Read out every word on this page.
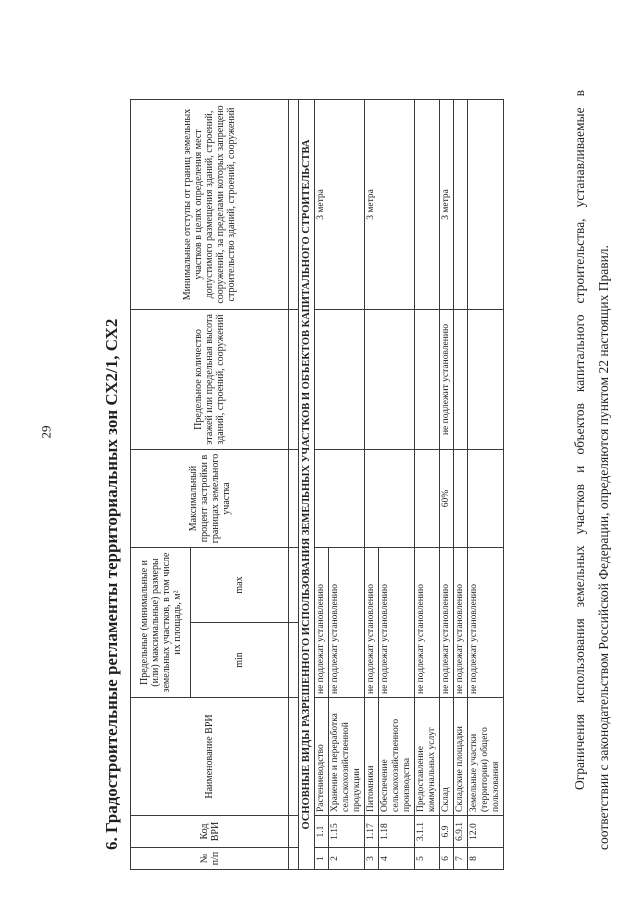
29	6. Градостроительные регламенты территориальных зон СХ2/1, СХ2
№ п/п	Код ВРИ	Наименование ВРИ	Предельные (минимальные и (или) максимальные) размеры земельных участков, в том числе их площадь, м²		Максимальный процент застройки в границах земельного участка	Предельное количество этажей или предельная высота зданий, строений, сооружений	Минимальные отступы от границ земельных участков в целях определения мест допустимого размещения зданий, строений, сооружений, за пределами которых запрещено строительство зданий, строений, сооружений
			min	max			

ОСНОВНЫЕ ВИДЫ РАЗРЕШЕННОГО ИСПОЛЬЗОВАНИЯ ЗЕМЕЛЬНЫХ УЧАСТКОВ И ОБЪЕКТОВ КАПИТАЛЬНОГО СТРОИТЕЛЬСТВА							
1	1.1	Растениеводство	не подлежат установлению				3 метра
2	1.15	Хранение и переработка сельскохозяйственной продукции	не подлежат установлению				
3	1.17	Питомники	не подлежат установлению				3 метра
4	1.18	Обеспечение сельскохозяйственного производства	не подлежат установлению				
5	3.1.1	Предоставление коммунальных услуг	не подлежат установлению				
6	6.9	Склад	не подлежат установлению		60%	не подлежит установлению	3 метра
7	6.9.1	Складские площадки	не подлежат установлению				
8	12.0	Земельные участки (территории) общего пользования	не подлежат установлению					Ограничения использования земельных участков и объектов капитального строительства, устанавливаемые в соответствии с законодательством Российской Федерации, определяются пунктом 22 настоящих Правил.
